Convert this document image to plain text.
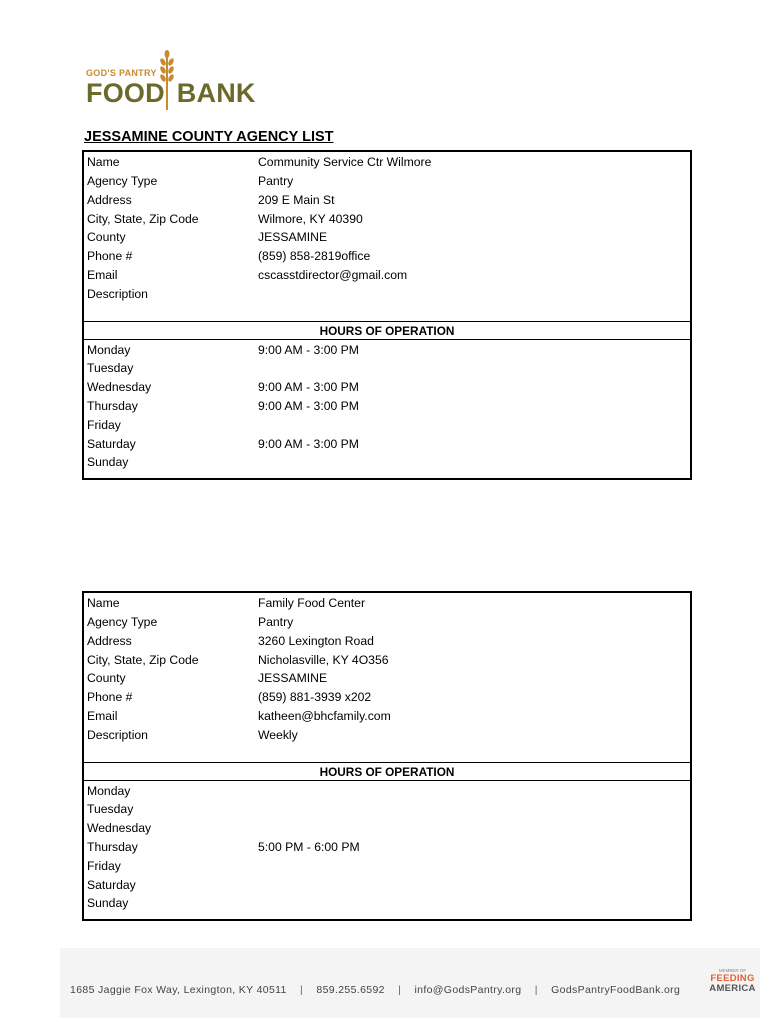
GOD'S PANTRY
FOOD BANK
JESSAMINE COUNTY AGENCY LIST
Name	Community Service Ctr Wilmore
Agency Type	Pantry
Address	209 E Main St
City, State, Zip Code	Wilmore, KY 40390
County	JESSAMINE
Phone #	(859) 858-2819office
Email	cscasstdirector@gmail.com
Description
HOURS OF OPERATION
Monday	9:00 AM - 3:00 PM
Tuesday
Wednesday	9:00 AM - 3:00 PM
Thursday	9:00 AM - 3:00 PM
Friday
Saturday	9:00 AM - 3:00 PM
Sunday
Name	Family Food Center
Agency Type	Pantry
Address	3260 Lexington Road
City, State, Zip Code	Nicholasville, KY 4O356
County	JESSAMINE
Phone #	(859) 881-3939 x202
Email	katheen@bhcfamily.com
Description	Weekly
HOURS OF OPERATION
Monday
Tuesday
Wednesday
Thursday	5:00 PM - 6:00 PM
Friday
Saturday
Sunday
1685 Jaggie Fox Way, Lexington, KY 40511 | 859.255.6592 | info@GodsPantry.org | GodsPantryFoodBank.org
MEMBER OF
FEEDING
AMERICA
